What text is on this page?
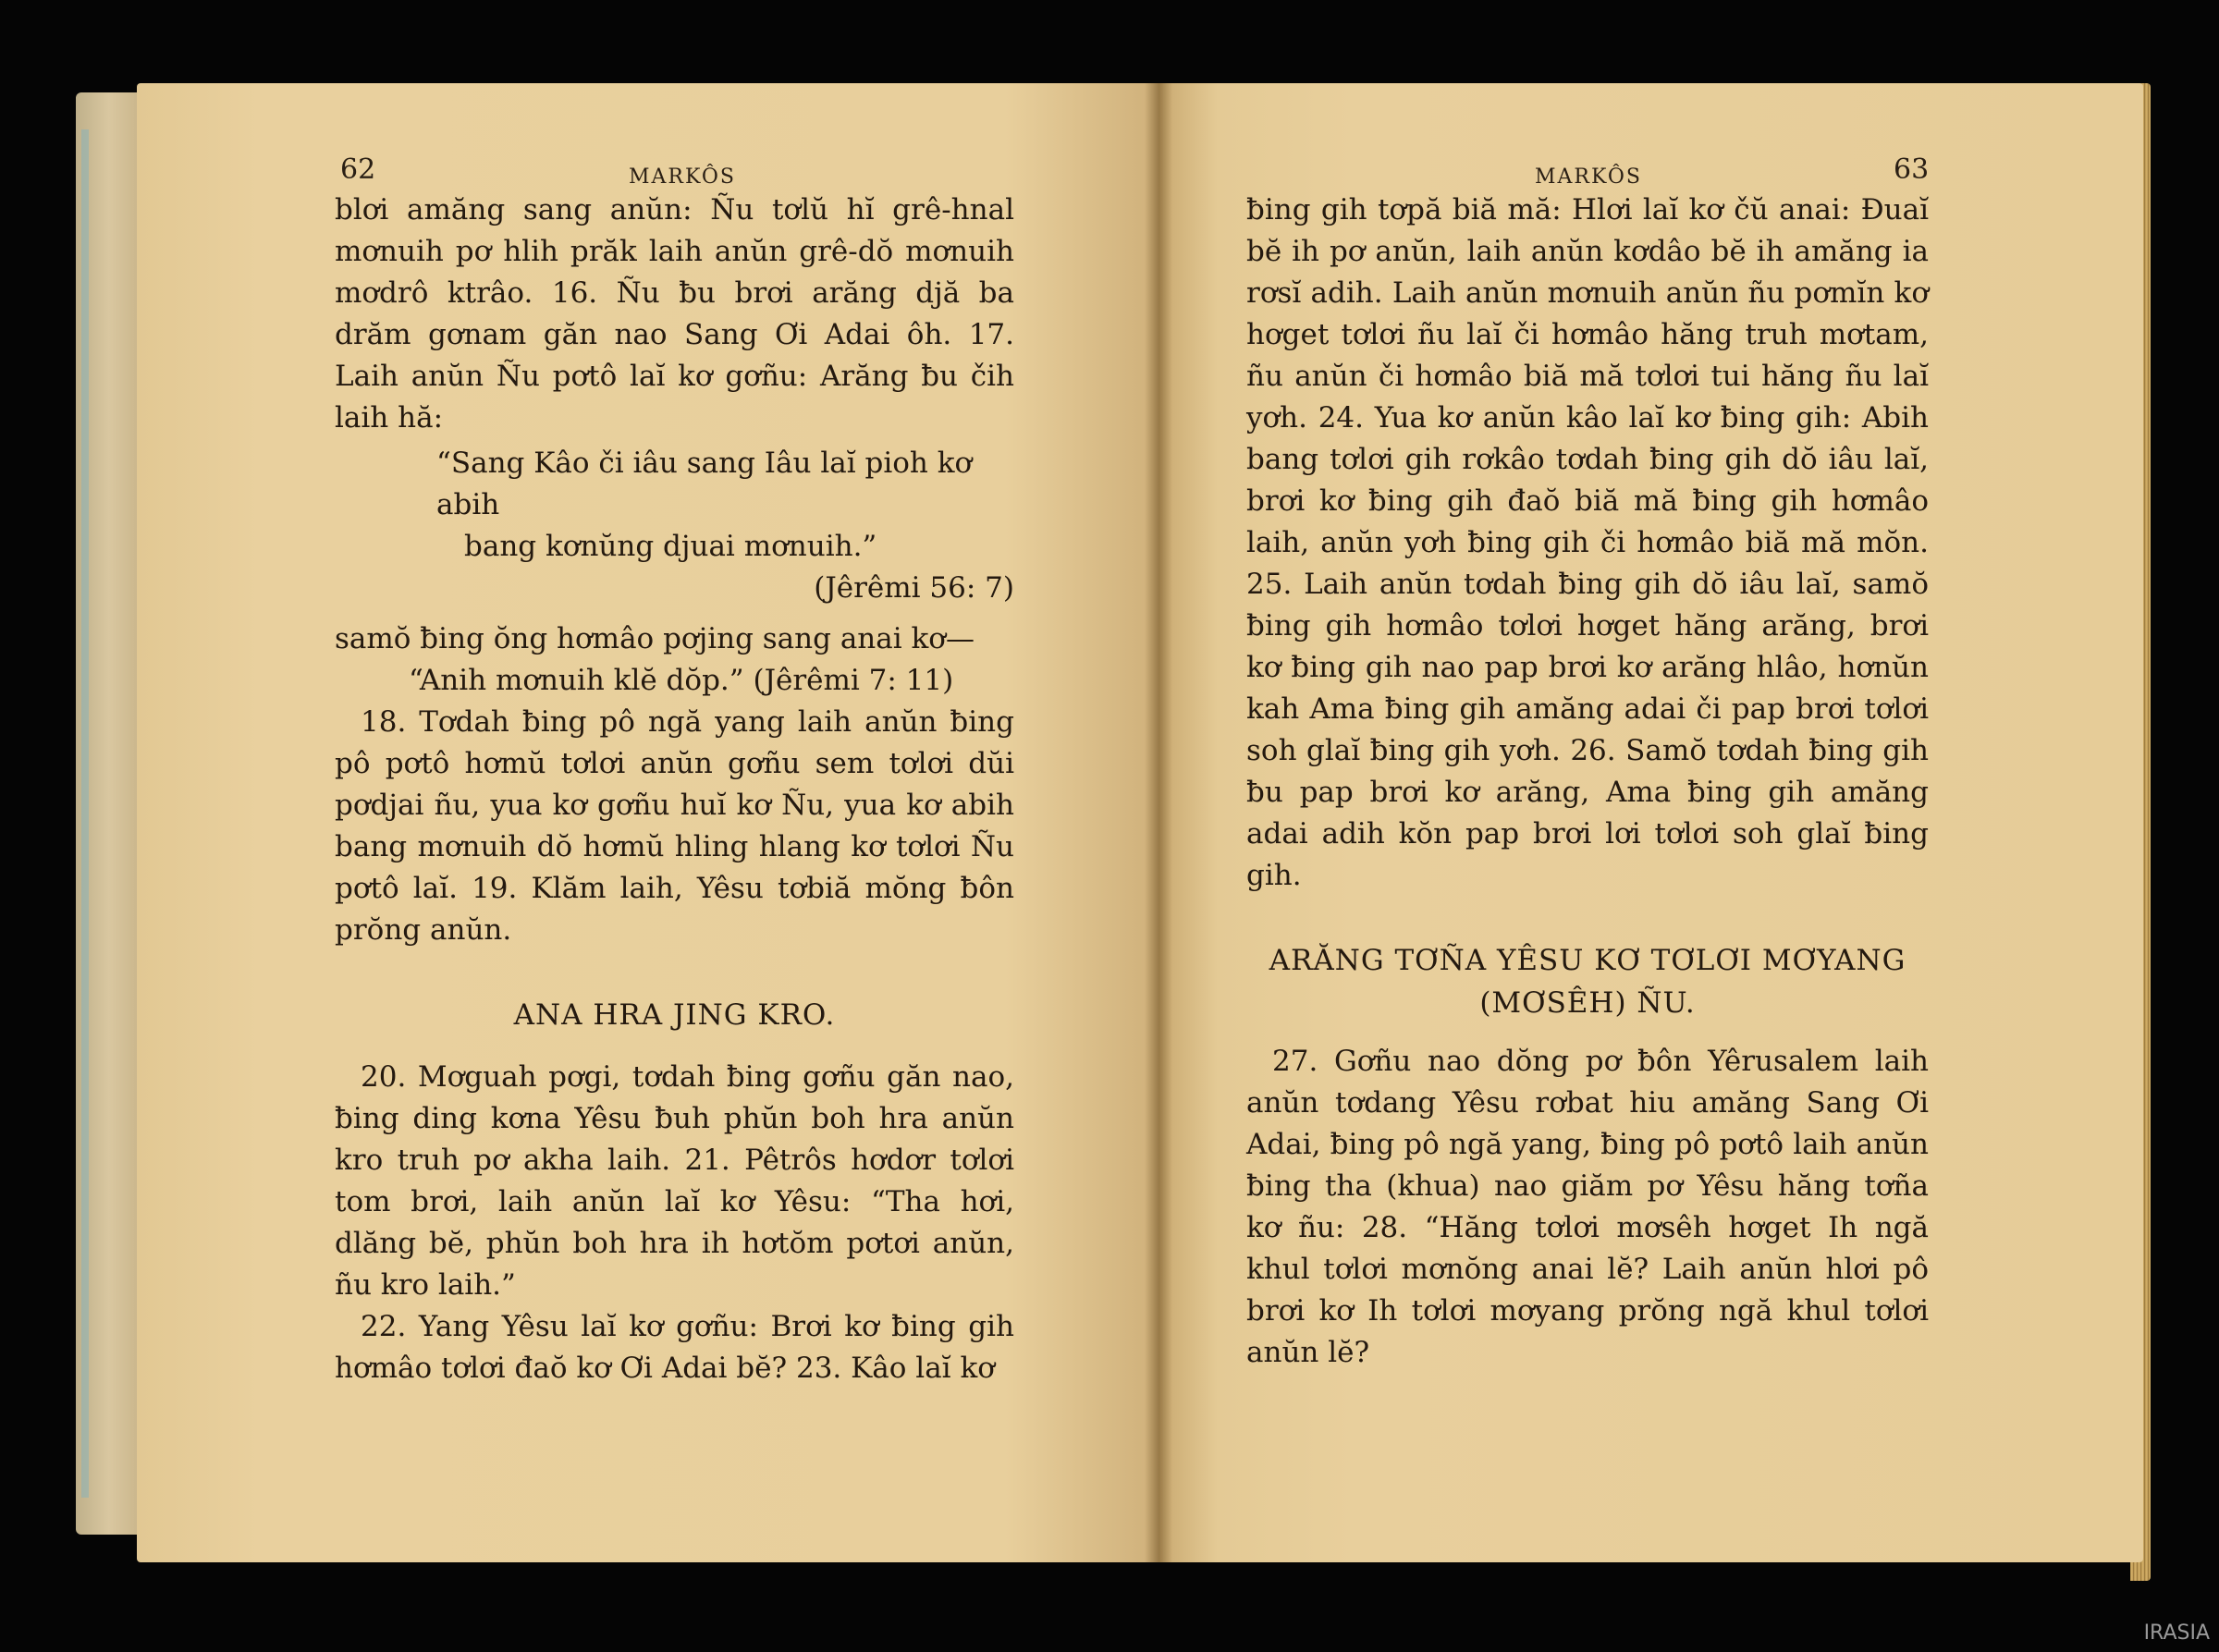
62	MARKÔS

blơi amăng sang anŭn: Ñu tơlŭ hĭ grê-hnal mơnuih pơ hlih prăk laih anŭn grê-dŏ mơnuih mơdrô ktrâo. 16. Ñu ƀu brơi arăng djă ba drăm gơnam găn nao Sang Ơi Adai ôh. 17. Laih anŭn Ñu pơtô laĭ kơ gơñu: Arăng ƀu čih laih hă:

“Sang Kâo či iâu sang Iâu laĭ pioh kơ abih

bang kơnŭng djuai mơnuih.”

(Jêrêmi 56: 7)

samŏ ƀing ŏng hơmâo pơjing sang anai kơ—

“Anih mơnuih klĕ dŏp.” (Jêrêmi 7: 11)

18. Tơdah ƀing pô ngă yang laih anŭn ƀing pô pơtô hơmŭ tơlơi anŭn gơñu sem tơlơi dŭi pơdjai ñu, yua kơ gơñu huĭ kơ Ñu, yua kơ abih bang mơnuih dŏ hơmŭ hling hlang kơ tơlơi Ñu pơtô laĭ. 19. Klăm laih, Yêsu tơbiă mŏng ƀôn prŏng anŭn.

ANA HRA JING KRO.

20. Mơguah pơgi, tơdah ƀing gơñu găn nao, ƀing ding kơna Yêsu ƀuh phŭn boh hra anŭn kro truh pơ akha laih. 21. Pêtrôs hơdơr tơlơi tom brơi, laih anŭn laĭ kơ Yêsu: “Tha hơi, dlăng bĕ, phŭn boh hra ih hơtŏm pơtơi anŭn, ñu kro laih.”

22. Yang Yêsu laĭ kơ gơñu: Brơi kơ ƀing gih hơmâo tơlơi đaŏ kơ Ơi Adai bĕ? 23. Kâo laĭ kơ

MARKÔS	63

ƀing gih tơpă biă mă: Hlơi laĭ kơ čŭ anai: Đuaĭ bĕ ih pơ anŭn, laih anŭn kơdâo bĕ ih amăng ia rơsĭ adih. Laih anŭn mơnuih anŭn ñu pơmĭn kơ hơget tơlơi ñu laĭ či hơmâo hăng truh mơtam, ñu anŭn či hơmâo biă mă tơlơi tui hăng ñu laĭ yơh. 24. Yua kơ anŭn kâo laĭ kơ ƀing gih: Abih bang tơlơi gih rơkâo tơdah ƀing gih dŏ iâu laĭ, brơi kơ ƀing gih đaŏ biă mă ƀing gih hơmâo laih, anŭn yơh ƀing gih či hơmâo biă mă mŏn. 25. Laih anŭn tơdah ƀing gih dŏ iâu laĭ, samŏ ƀing gih hơmâo tơlơi hơget hăng arăng, brơi kơ ƀing gih nao pap brơi kơ arăng hlâo, hơnŭn kah Ama ƀing gih amăng adai či pap brơi tơlơi soh glaĭ ƀing gih yơh. 26. Samŏ tơdah ƀing gih ƀu pap brơi kơ arăng, Ama ƀing gih amăng adai adih kŏn pap brơi lơi tơlơi soh glaĭ ƀing gih.

ARĂNG TƠÑA YÊSU KƠ TƠLƠI MƠYANG

(MƠSÊH) ÑU.

27. Gơñu nao dŏng pơ ƀôn Yêrusalem laih anŭn tơdang Yêsu rơbat hiu amăng Sang Ơi Adai, ƀing pô ngă yang, ƀing pô pơtô laih anŭn ƀing tha (khua) nao giăm pơ Yêsu hăng tơña kơ ñu: 28. “Hăng tơlơi mơsêh hơget Ih ngă khul tơlơi mơnŏng anai lĕ? Laih anŭn hlơi pô brơi kơ Ih tơlơi mơyang prŏng ngă khul tơlơi anŭn lĕ?

IRASIA
